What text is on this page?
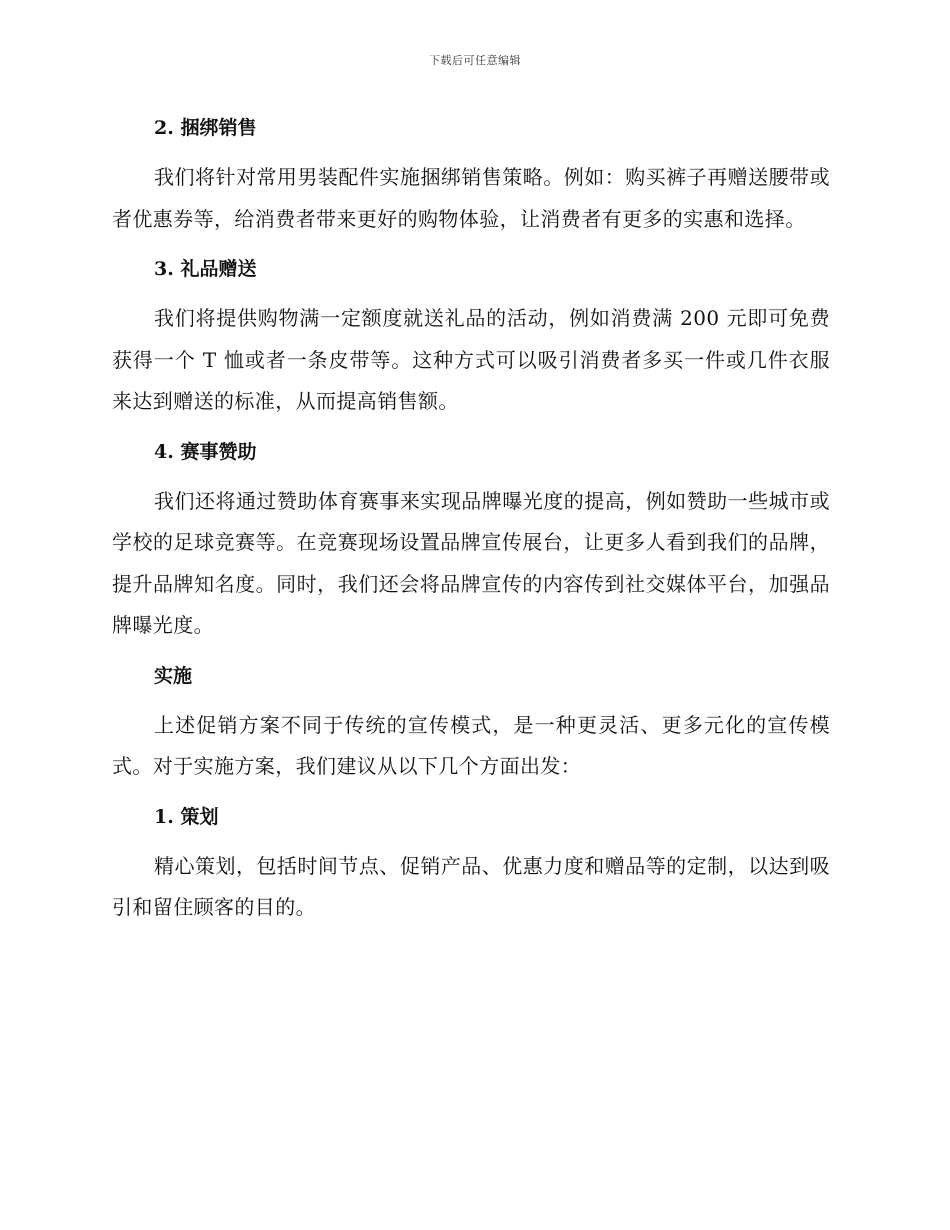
下载后可任意编辑

2. 捆绑销售

我们将针对常用男装配件实施捆绑销售策略。例如：购买裤子再赠送腰带或者优惠券等，给消费者带来更好的购物体验，让消费者有更多的实惠和选择。

3. 礼品赠送

我们将提供购物满一定额度就送礼品的活动，例如消费满 200 元即可免费获得一个 T 恤或者一条皮带等。这种方式可以吸引消费者多买一件或几件衣服来达到赠送的标准，从而提高销售额。

4. 赛事赞助

我们还将通过赞助体育赛事来实现品牌曝光度的提高，例如赞助一些城市或学校的足球竞赛等。在竞赛现场设置品牌宣传展台，让更多人看到我们的品牌，提升品牌知名度。同时，我们还会将品牌宣传的内容传到社交媒体平台，加强品牌曝光度。

实施

上述促销方案不同于传统的宣传模式，是一种更灵活、更多元化的宣传模式。对于实施方案，我们建议从以下几个方面出发：

1. 策划

精心策划，包括时间节点、促销产品、优惠力度和赠品等的定制，以达到吸引和留住顾客的目的。
